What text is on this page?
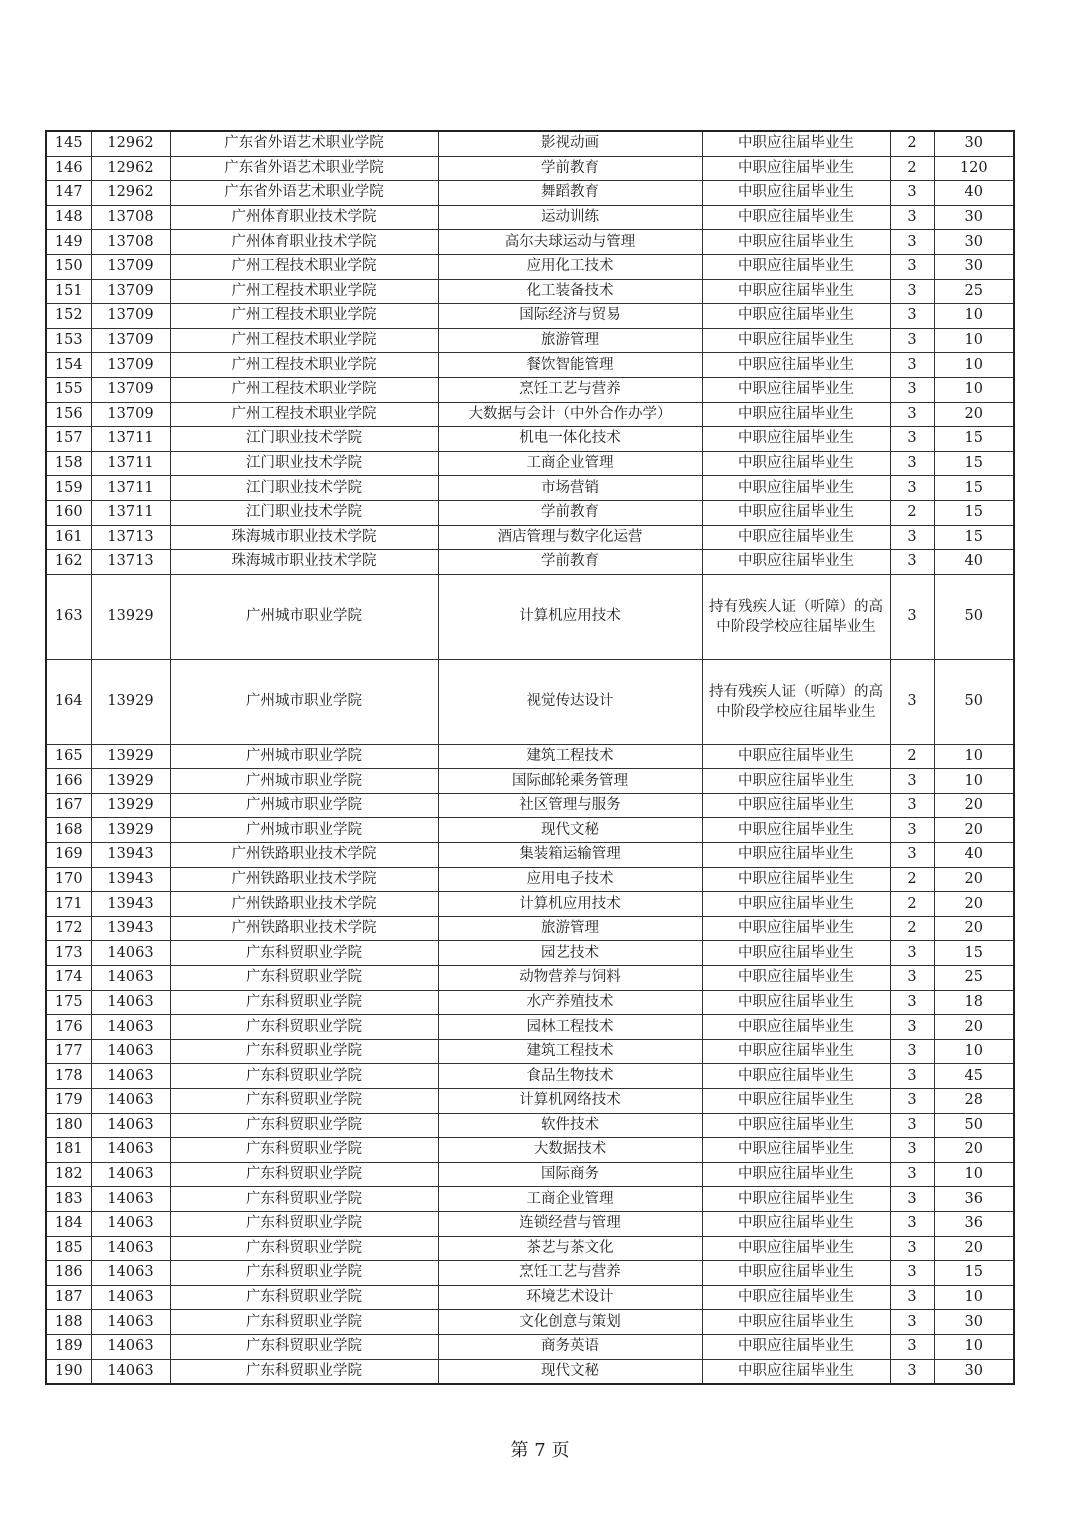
145	12962	广东省外语艺术职业学院	影视动画	中职应往届毕业生	2	30
146	12962	广东省外语艺术职业学院	学前教育	中职应往届毕业生	2	120
147	12962	广东省外语艺术职业学院	舞蹈教育	中职应往届毕业生	3	40
148	13708	广州体育职业技术学院	运动训练	中职应往届毕业生	3	30
149	13708	广州体育职业技术学院	高尔夫球运动与管理	中职应往届毕业生	3	30
150	13709	广州工程技术职业学院	应用化工技术	中职应往届毕业生	3	30
151	13709	广州工程技术职业学院	化工装备技术	中职应往届毕业生	3	25
152	13709	广州工程技术职业学院	国际经济与贸易	中职应往届毕业生	3	10
153	13709	广州工程技术职业学院	旅游管理	中职应往届毕业生	3	10
154	13709	广州工程技术职业学院	餐饮智能管理	中职应往届毕业生	3	10
155	13709	广州工程技术职业学院	烹饪工艺与营养	中职应往届毕业生	3	10
156	13709	广州工程技术职业学院	大数据与会计（中外合作办学）	中职应往届毕业生	3	20
157	13711	江门职业技术学院	机电一体化技术	中职应往届毕业生	3	15
158	13711	江门职业技术学院	工商企业管理	中职应往届毕业生	3	15
159	13711	江门职业技术学院	市场营销	中职应往届毕业生	3	15
160	13711	江门职业技术学院	学前教育	中职应往届毕业生	2	15
161	13713	珠海城市职业技术学院	酒店管理与数字化运营	中职应往届毕业生	3	15
162	13713	珠海城市职业技术学院	学前教育	中职应往届毕业生	3	40
163	13929	广州城市职业学院	计算机应用技术	持有残疾人证（听障）的高中阶段学校应往届毕业生	3	50
164	13929	广州城市职业学院	视觉传达设计	持有残疾人证（听障）的高中阶段学校应往届毕业生	3	50
165	13929	广州城市职业学院	建筑工程技术	中职应往届毕业生	2	10
166	13929	广州城市职业学院	国际邮轮乘务管理	中职应往届毕业生	3	10
167	13929	广州城市职业学院	社区管理与服务	中职应往届毕业生	3	20
168	13929	广州城市职业学院	现代文秘	中职应往届毕业生	3	20
169	13943	广州铁路职业技术学院	集装箱运输管理	中职应往届毕业生	3	40
170	13943	广州铁路职业技术学院	应用电子技术	中职应往届毕业生	2	20
171	13943	广州铁路职业技术学院	计算机应用技术	中职应往届毕业生	2	20
172	13943	广州铁路职业技术学院	旅游管理	中职应往届毕业生	2	20
173	14063	广东科贸职业学院	园艺技术	中职应往届毕业生	3	15
174	14063	广东科贸职业学院	动物营养与饲料	中职应往届毕业生	3	25
175	14063	广东科贸职业学院	水产养殖技术	中职应往届毕业生	3	18
176	14063	广东科贸职业学院	园林工程技术	中职应往届毕业生	3	20
177	14063	广东科贸职业学院	建筑工程技术	中职应往届毕业生	3	10
178	14063	广东科贸职业学院	食品生物技术	中职应往届毕业生	3	45
179	14063	广东科贸职业学院	计算机网络技术	中职应往届毕业生	3	28
180	14063	广东科贸职业学院	软件技术	中职应往届毕业生	3	50
181	14063	广东科贸职业学院	大数据技术	中职应往届毕业生	3	20
182	14063	广东科贸职业学院	国际商务	中职应往届毕业生	3	10
183	14063	广东科贸职业学院	工商企业管理	中职应往届毕业生	3	36
184	14063	广东科贸职业学院	连锁经营与管理	中职应往届毕业生	3	36
185	14063	广东科贸职业学院	茶艺与茶文化	中职应往届毕业生	3	20
186	14063	广东科贸职业学院	烹饪工艺与营养	中职应往届毕业生	3	15
187	14063	广东科贸职业学院	环境艺术设计	中职应往届毕业生	3	10
188	14063	广东科贸职业学院	文化创意与策划	中职应往届毕业生	3	30
189	14063	广东科贸职业学院	商务英语	中职应往届毕业生	3	10
190	14063	广东科贸职业学院	现代文秘	中职应往届毕业生	3	30
第 7 页
